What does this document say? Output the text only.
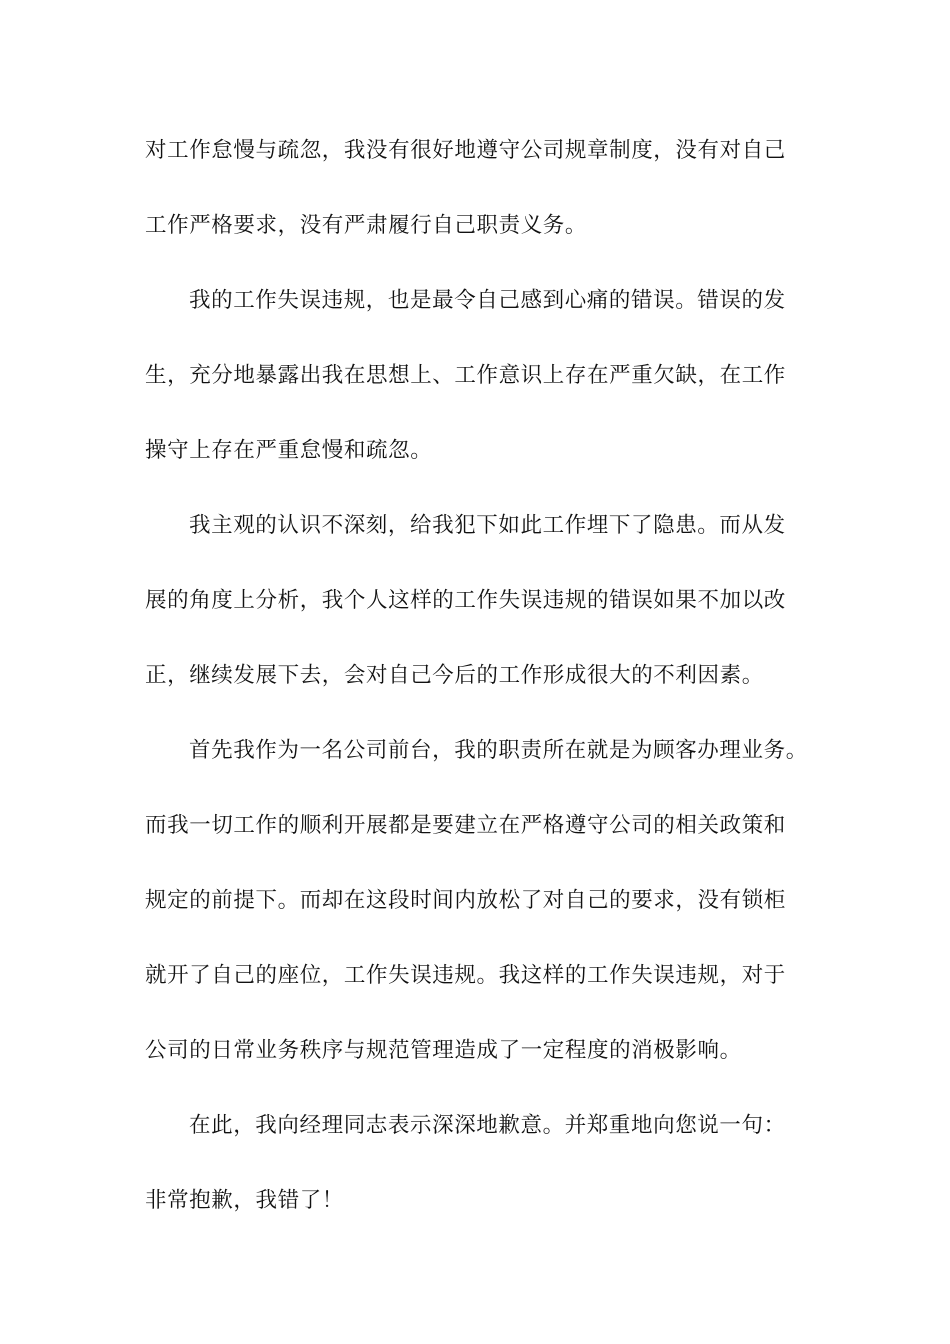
对工作怠慢与疏忽，我没有很好地遵守公司规章制度，没有对自己
工作严格要求，没有严肃履行自己职责义务。
我的工作失误违规，也是最令自己感到心痛的错误。错误的发
生，充分地暴露出我在思想上、工作意识上存在严重欠缺，在工作
操守上存在严重怠慢和疏忽。
我主观的认识不深刻，给我犯下如此工作埋下了隐患。而从发
展的角度上分析，我个人这样的工作失误违规的错误如果不加以改
正，继续发展下去，会对自己今后的工作形成很大的不利因素。
首先我作为一名公司前台，我的职责所在就是为顾客办理业务。
而我一切工作的顺利开展都是要建立在严格遵守公司的相关政策和
规定的前提下。而却在这段时间内放松了对自己的要求，没有锁柜
就开了自己的座位，工作失误违规。我这样的工作失误违规，对于
公司的日常业务秩序与规范管理造成了一定程度的消极影响。
在此，我向经理同志表示深深地歉意。并郑重地向您说一句：
非常抱歉，我错了！
